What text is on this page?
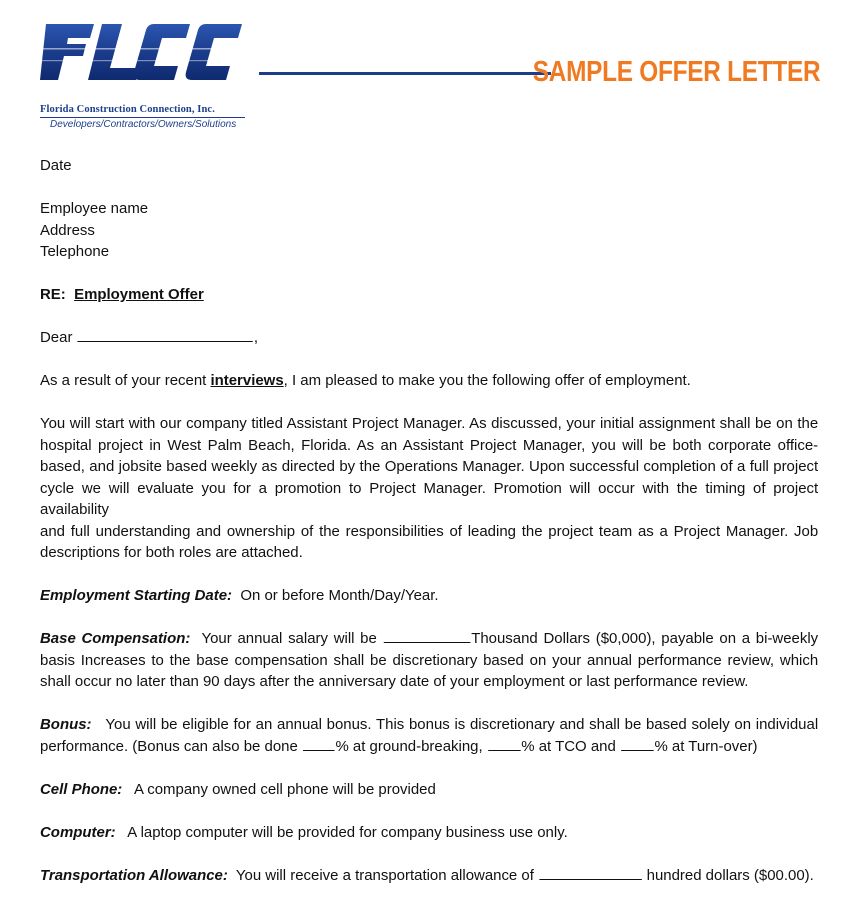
Florida Construction Connection, Inc.
Developers/Contractors/Owners/Solutions
SAMPLE OFFER LETTER
Date
Employee name
Address
Telephone
RE: Employment Offer
Dear	,
As a result of your recent interviews, I am pleased to make you the following offer of employment.
You will start with our company titled Assistant Project Manager. As discussed, your initial assignment shall be on the
hospital project in West Palm Beach, Florida. As an Assistant Project Manager, you will be both corporate office-
based, and jobsite based weekly as directed by the Operations Manager. Upon successful completion of a full project
cycle we will evaluate you for a promotion to Project Manager. Promotion will occur with the timing of project availability
and full understanding and ownership of the responsibilities of leading the project team as a Project Manager. Job
descriptions for both roles are attached.
Employment Starting Date: On or before Month/Day/Year.
Base Compensation: Your annual salary will be	Thousand Dollars ($0,000), payable on a bi-weekly
basis Increases to the base compensation shall be discretionary based on your annual performance review, which
shall occur no later than 90 days after the anniversary date of your employment or last performance review.
Bonus: You will be eligible for an annual bonus. This bonus is discretionary and shall be based solely on individual
performance. (Bonus can also be done % at ground-breaking, % at TCO and % at Turn-over)
Cell Phone: A company owned cell phone will be provided
Computer: A laptop computer will be provided for company business use only.
Transportation Allowance: You will receive a transportation allowance of	hundred dollars ($00.00).
